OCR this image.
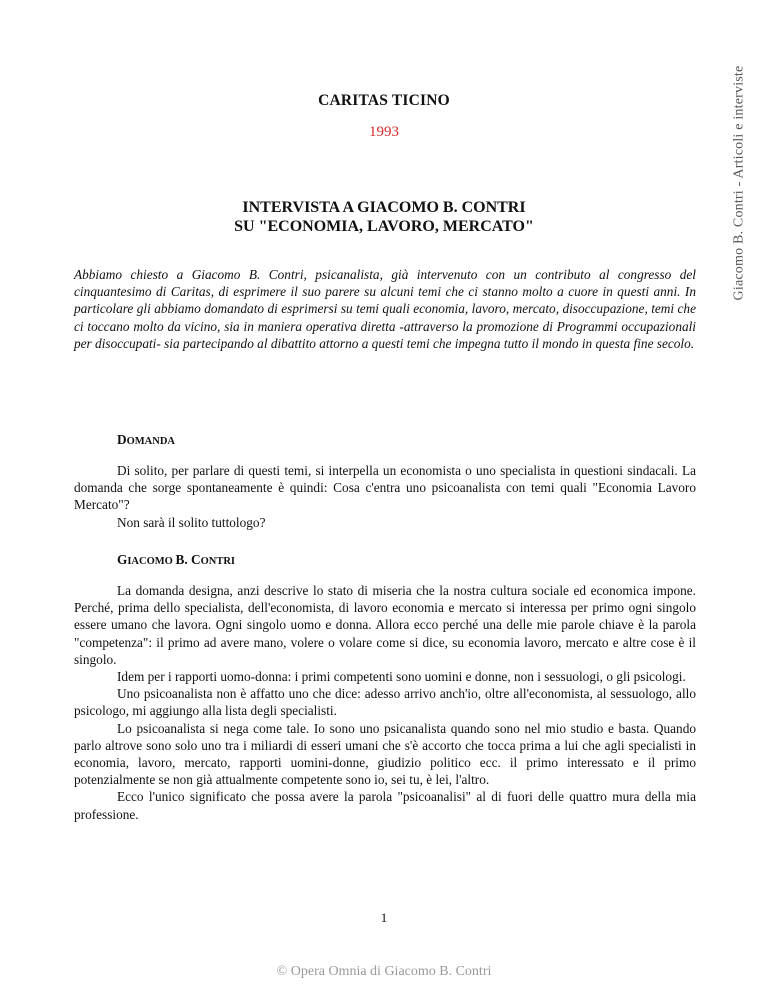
Giacomo B. Contri - Articoli e interviste
CARITAS TICINO
1993
INTERVISTA A GIACOMO B. CONTRI
SU "ECONOMIA, LAVORO, MERCATO"
Abbiamo chiesto a Giacomo B. Contri, psicanalista, già intervenuto con un contributo al congresso del cinquantesimo di Caritas, di esprimere il suo parere su alcuni temi che ci stanno molto a cuore in questi anni. In particolare gli abbiamo domandato di esprimersi su temi quali economia, lavoro, mercato, disoccupazione, temi che ci toccano molto da vicino, sia in maniera operativa diretta -attraverso la promozione di Programmi occupazionali per disoccupati- sia partecipando al dibattito attorno a questi temi che impegna tutto il mondo in questa fine secolo.
DOMANDA

Di solito, per parlare di questi temi, si interpella un economista o uno specialista in questioni sindacali. La domanda che sorge spontaneamente è quindi: Cosa c'entra uno psicoanalista con temi quali "Economia Lavoro Mercato"?

Non sarà il solito tuttologo?

GIACOMO B. CONTRI

La domanda designa, anzi descrive lo stato di miseria che la nostra cultura sociale ed economica impone. Perché, prima dello specialista, dell'economista, di lavoro economia e mercato si interessa per primo ogni singolo essere umano che lavora. Ogni singolo uomo e donna. Allora ecco perché una delle mie parole chiave è la parola "competenza": il primo ad avere mano, volere o volare come si dice, su economia lavoro, mercato e altre cose è il singolo.

Idem per i rapporti uomo-donna: i primi competenti sono uomini e donne, non i sessuologi, o gli psicologi.

Uno psicoanalista non è affatto uno che dice: adesso arrivo anch'io, oltre all'economista, al sessuologo, allo psicologo, mi aggiungo alla lista degli specialisti.

Lo psicoanalista si nega come tale. Io sono uno psicanalista quando sono nel mio studio e basta. Quando parlo altrove sono solo uno tra i miliardi di esseri umani che s'è accorto che tocca prima a lui che agli specialisti in economia, lavoro, mercato, rapporti uomini-donne, giudizio politico ecc. il primo interessato e il primo potenzialmente se non già attualmente competente sono io, sei tu, è lei, l'altro.

Ecco l'unico significato che possa avere la parola "psicoanalisi" al di fuori delle quattro mura della mia professione.

1
© Opera Omnia di Giacomo B. Contri
